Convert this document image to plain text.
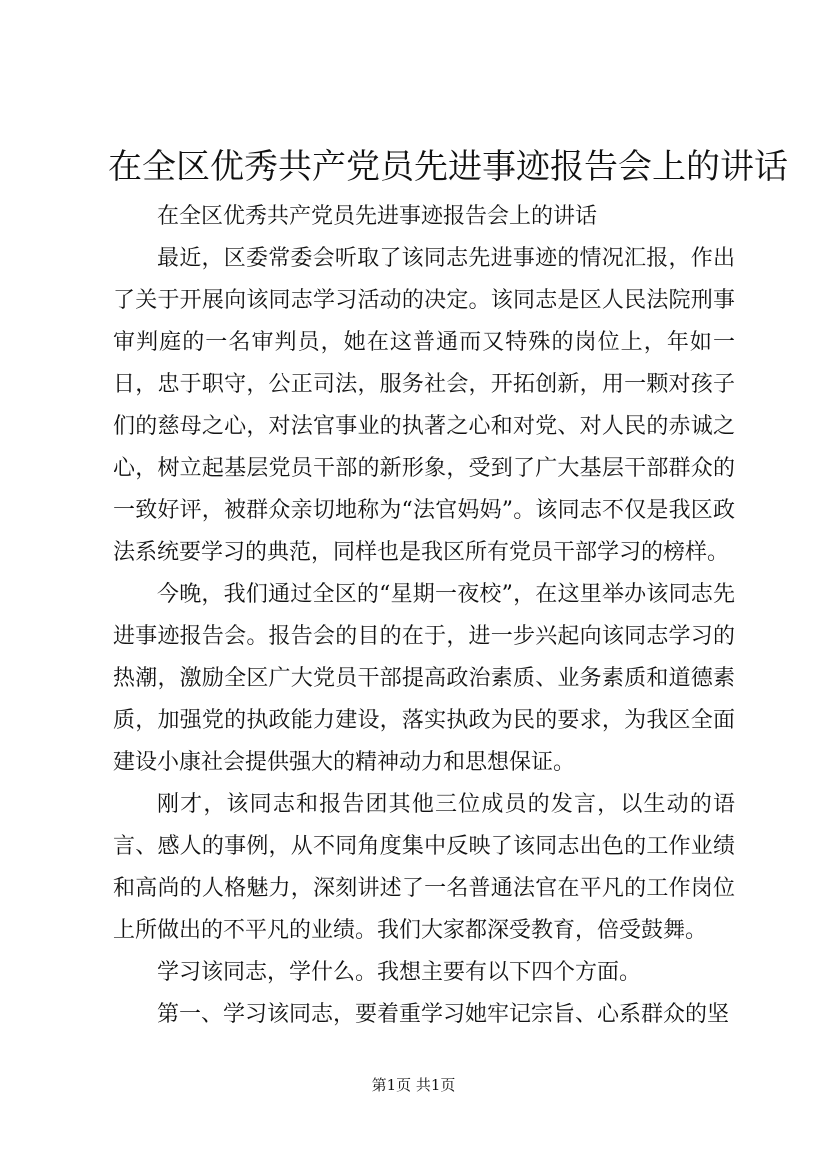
在全区优秀共产党员先进事迹报告会上的讲话

在全区优秀共产党员先进事迹报告会上的讲话

最近，区委常委会听取了该同志先进事迹的情况汇报，作出了关于开展向该同志学习活动的决定。该同志是区人民法院刑事审判庭的一名审判员，她在这普通而又特殊的岗位上，年如一日，忠于职守，公正司法，服务社会，开拓创新，用一颗对孩子们的慈母之心，对法官事业的执著之心和对党、对人民的赤诚之心，树立起基层党员干部的新形象，受到了广大基层干部群众的一致好评，被群众亲切地称为“法官妈妈”。该同志不仅是我区政法系统要学习的典范，同样也是我区所有党员干部学习的榜样。

今晚，我们通过全区的“星期一夜校”，在这里举办该同志先进事迹报告会。报告会的目的在于，进一步兴起向该同志学习的热潮，激励全区广大党员干部提高政治素质、业务素质和道德素质，加强党的执政能力建设，落实执政为民的要求，为我区全面建设小康社会提供强大的精神动力和思想保证。

刚才，该同志和报告团其他三位成员的发言，以生动的语言、感人的事例，从不同角度集中反映了该同志出色的工作业绩和高尚的人格魅力，深刻讲述了一名普通法官在平凡的工作岗位上所做出的不平凡的业绩。我们大家都深受教育，倍受鼓舞。

学习该同志，学什么。我想主要有以下四个方面。

第一、学习该同志，要着重学习她牢记宗旨、心系群众的坚

第1页 共1页
